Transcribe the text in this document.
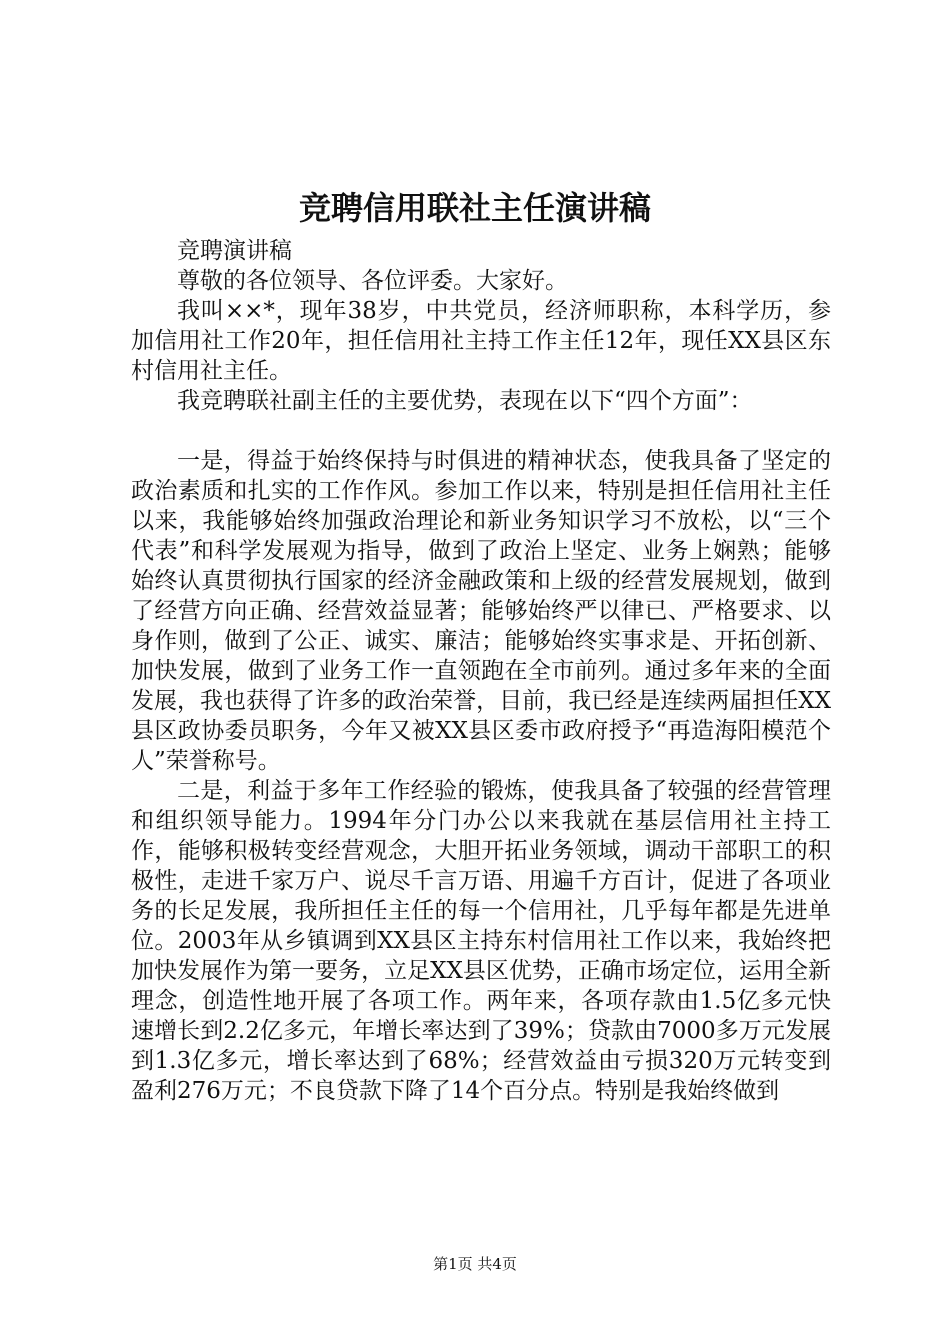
竞聘信用联社主任演讲稿

竞聘演讲稿

尊敬的各位领导、各位评委。大家好。

我叫××*，现年38岁，中共党员，经济师职称，本科学历，参加信用社工作20年，担任信用社主持工作主任12年，现任XX县区东村信用社主任。

我竞聘联社副主任的主要优势，表现在以下“四个方面”：

一是，得益于始终保持与时俱进的精神状态，使我具备了坚定的政治素质和扎实的工作作风。参加工作以来，特别是担任信用社主任以来，我能够始终加强政治理论和新业务知识学习不放松，以“三个代表”和科学发展观为指导，做到了政治上坚定、业务上娴熟；能够始终认真贯彻执行国家的经济金融政策和上级的经营发展规划，做到了经营方向正确、经营效益显著；能够始终严以律已、严格要求、以身作则，做到了公正、诚实、廉洁；能够始终实事求是、开拓创新、加快发展，做到了业务工作一直领跑在全市前列。通过多年来的全面发展，我也获得了许多的政治荣誉，目前，我已经是连续两届担任XX县区政协委员职务，今年又被XX县区委市政府授予“再造海阳模范个人”荣誉称号。

二是，利益于多年工作经验的锻炼，使我具备了较强的经营管理和组织领导能力。1994年分门办公以来我就在基层信用社主持工作，能够积极转变经营观念，大胆开拓业务领域，调动干部职工的积极性，走进千家万户、说尽千言万语、用遍千方百计，促进了各项业务的长足发展，我所担任主任的每一个信用社，几乎每年都是先进单位。2003年从乡镇调到XX县区主持东村信用社工作以来，我始终把加快发展作为第一要务，立足XX县区优势，正确市场定位，运用全新理念，创造性地开展了各项工作。两年来，各项存款由1.5亿多元快速增长到2.2亿多元，年增长率达到了39%；贷款由7000多万元发展到1.3亿多元，增长率达到了68%；经营效益由亏损320万元转变到盈利276万元；不良贷款下降了14个百分点。特别是我始终做到

第1页 共4页
